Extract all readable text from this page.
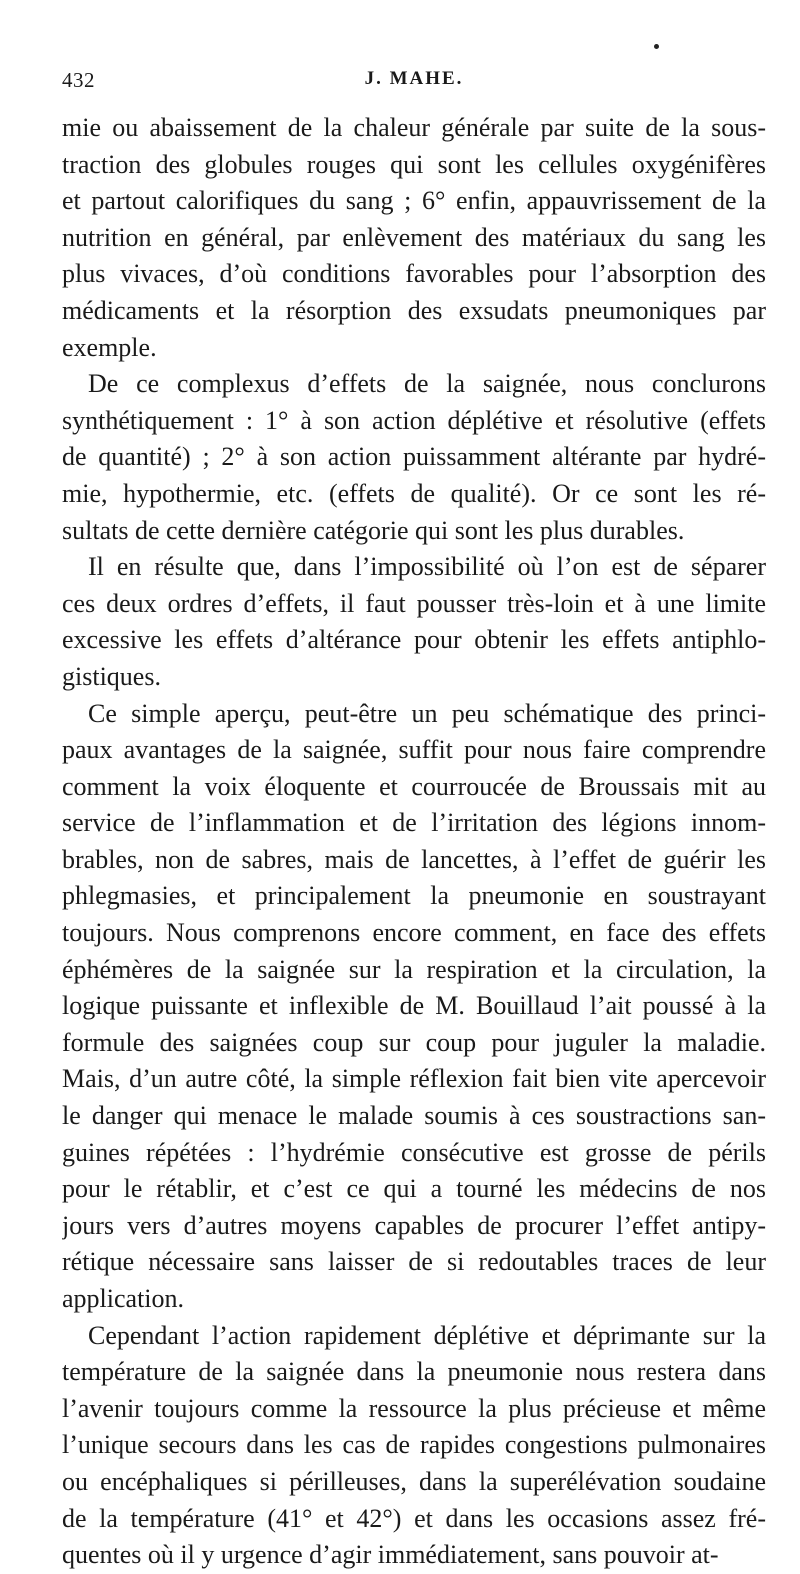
432	J. MAHE.
mie ou abaissement de la chaleur générale par suite de la sous-
traction des globules rouges qui sont les cellules oxygénifères
et partout calorifiques du sang ; 6° enfin, appauvrissement de la
nutrition en général, par enlèvement des matériaux du sang les
plus vivaces, d’où conditions favorables pour l’absorption des
médicaments et la résorption des exsudats pneumoniques par
exemple.
De ce complexus d’effets de la saignée, nous conclurons
synthétiquement : 1° à son action déplétive et résolutive (effets
de quantité) ; 2° à son action puissamment altérante par hydré-
mie, hypothermie, etc. (effets de qualité). Or ce sont les ré-
sultats de cette dernière catégorie qui sont les plus durables.
Il en résulte que, dans l’impossibilité où l’on est de séparer
ces deux ordres d’effets, il faut pousser très-loin et à une limite
excessive les effets d’altérance pour obtenir les effets antiphlo-
gistiques.
Ce simple aperçu, peut-être un peu schématique des princi-
paux avantages de la saignée, suffit pour nous faire comprendre
comment la voix éloquente et courroucée de Broussais mit au
service de l’inflammation et de l’irritation des légions innom-
brables, non de sabres, mais de lancettes, à l’effet de guérir les
phlegmasies, et principalement la pneumonie en soustrayant
toujours. Nous comprenons encore comment, en face des effets
éphémères de la saignée sur la respiration et la circulation, la
logique puissante et inflexible de M. Bouillaud l’ait poussé à la
formule des saignées coup sur coup pour juguler la maladie.
Mais, d’un autre côté, la simple réflexion fait bien vite apercevoir
le danger qui menace le malade soumis à ces soustractions san-
guines répétées : l’hydrémie consécutive est grosse de périls
pour le rétablir, et c’est ce qui a tourné les médecins de nos
jours vers d’autres moyens capables de procurer l’effet antipy-
rétique nécessaire sans laisser de si redoutables traces de leur
application.
Cependant l’action rapidement déplétive et déprimante sur la
température de la saignée dans la pneumonie nous restera dans
l’avenir toujours comme la ressource la plus précieuse et même
l’unique secours dans les cas de rapides congestions pulmonaires
ou encéphaliques si périlleuses, dans la superélévation soudaine
de la température (41° et 42°) et dans les occasions assez fré-
quentes où il y urgence d’agir immédiatement, sans pouvoir at-
